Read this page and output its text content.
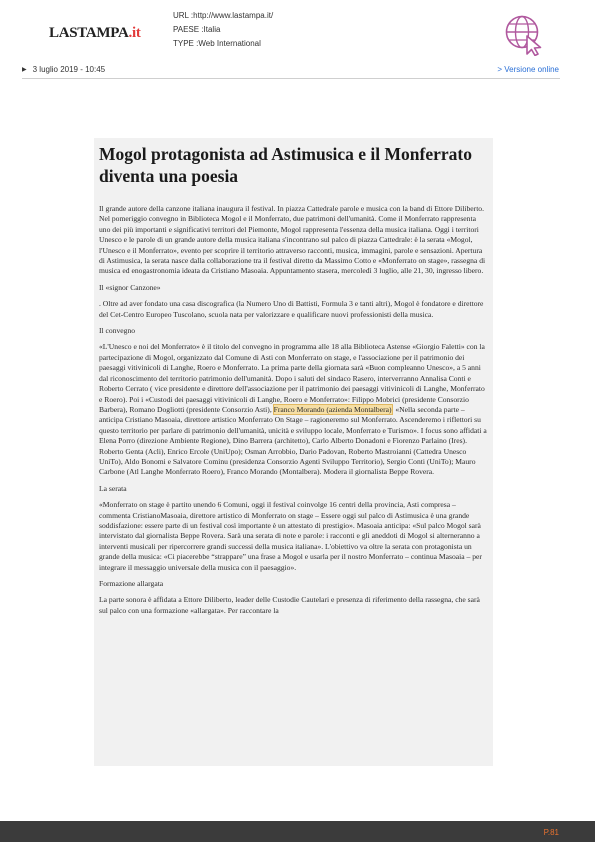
LASTAMPA.it
URL :http://www.lastampa.it/
PAESE :Italia
TYPE :Web International
▶ 3 luglio 2019 - 10:45	> Versione online
Mogol protagonista ad Astimusica e il Monferrato diventa una poesia

Il grande autore della canzone italiana inaugura il festival. In piazza Cattedrale parole e musica con la band di Ettore Diliberto. Nel pomeriggio convegno in Biblioteca Mogol e il Monferrato, due patrimoni dell'umanità. Come il Monferrato rappresenta uno dei più importanti e significativi territori del Piemonte, Mogol rappresenta l'essenza della musica italiana. Oggi i territori Unesco e le parole di un grande autore della musica italiana s'incontrano sul palco di piazza Cattedrale: è la serata «Mogol, l'Unesco e il Monferrato», evento per scoprire il territorio attraverso racconti, musica, immagini, parole e sensazioni. Apertura di Astimusica, la serata nasce dalla collaborazione tra il festival diretto da Massimo Cotto e «Monferrato on stage», rassegna di musica ed enogastronomia ideata da Cristiano Masoaia. Appuntamento stasera, mercoledì 3 luglio, alle 21, 30, ingresso libero.

Il «signor Canzone»

. Oltre ad aver fondato una casa discografica (la Numero Uno di Battisti, Formula 3 e tanti altri), Mogol è fondatore e direttore del Cet-Centro Europeo Tuscolano, scuola nata per valorizzare e qualificare nuovi professionisti della musica.

Il convegno

«L'Unesco e noi del Monferrato» è il titolo del convegno in programma alle 18 alla Biblioteca Astense «Giorgio Faletti» con la partecipazione di Mogol, organizzato dal Comune di Asti con Monferrato on stage, e l'associazione per il patrimonio dei paesaggi vitivinicoli di Langhe, Roero e Monferrato. La prima parte della giornata sarà «Buon compleanno Unesco», a 5 anni dal riconoscimento del territorio patrimonio dell'umanità. Dopo i saluti del sindaco Rasero, interverranno Annalisa Conti e Roberto Cerrato ( vice presidente e direttore dell'associazione per il patrimonio dei paesaggi vitivinicoli di Langhe, Monferrato e Roero). Poi i «Custodi dei paesaggi vitivinicoli di Langhe, Roero e Monferrato»: Filippo Mobrici (presidente Consorzio Barbera), Romano Dogliotti (presidente Consorzio Asti), Franco Morando (azienda Montalbera). «Nella seconda parte – anticipa Cristiano Masoaia, direttore artistico Monferrato On Stage – ragioneremo sul Monferrato. Ascenderemo i riflettori su questo territorio per parlare di patrimonio dell'umanità, unicità e sviluppo locale, Monferrato e Turismo». I focus sono affidati a Elena Porro (direzione Ambiente Regione), Dino Barrera (architetto), Carlo Alberto Donadoni e Fiorenzo Parlaino (Ires). Roberto Genta (Acli), Enrico Ercole (UniUpo); Osman Arrobbio, Dario Padovan, Roberto Mastroianni (Cattedra Unesco UniTo), Aldo Bonomi e Salvatore Cominu (presidenza Consorzio Agenti Sviluppo Territorio), Sergio Conti (UniTo); Mauro Carbone (Atl Langhe Monferrato Roero), Franco Morando (Montalbera). Modera il giornalista Beppe Rovera.

La serata

«Monferrato on stage è partito unendo 6 Comuni, oggi il festival coinvolge 16 centri della provincia, Asti compresa – commenta CristianoMasoaia, direttore artistico di Monferrato on stage – Essere oggi sul palco di Astimusica è una grande soddisfazione: essere parte di un festival così importante è un attestato di prestigio». Masoaia anticipa: «Sul palco Mogol sarà intervistato dal giornalista Beppe Rovera. Sarà una serata di note e parole: i racconti e gli aneddoti di Mogol si alterneranno a interventi musicali per ripercorrere grandi successi della musica italiana». L'obiettivo va oltre la serata con protagonista un grande della musica: «Ci piacerebbe “strappare” una frase a Mogol e usarla per il nostro Monferrato – continua Masoaia – per integrare il messaggio universale della musica con il paesaggio».

Formazione allargata

La parte sonora è affidata a Ettore Diliberto, leader delle Custodie Cautelari e presenza di riferimento della rassegna, che sarà sul palco con una formazione «allargata». Per raccontare la

P.81
